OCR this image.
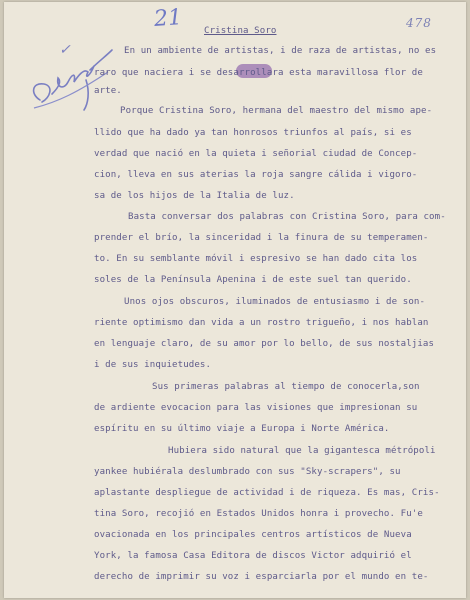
21	478
✓
Cristina Soro
En un ambiente de artistas, i de raza de artistas, no es
raro que naciera i se desarrollara esta maravillosa flor de
arte.
Porque Cristina Soro, hermana del maestro del mismo ape-
llido que ha dado ya tan honrosos triunfos al país, si es
verdad que nació en la quieta i señorial ciudad de Concep-
cion, lleva en sus aterias la roja sangre cálida i vigoro-
sa de los hijos de la Italia de luz.
Basta conversar dos palabras con Cristina Soro, para com-
prender el brío, la sinceridad i la finura de su temperamen-
to. En su semblante móvil i espresivo se han dado cita los
soles de la Península Apenina i de este suel tan querido.
Unos ojos obscuros, iluminados de entusiasmo i de son-
riente optimismo dan vida a un rostro trigueño, i nos hablan
en lenguaje claro, de su amor por lo bello, de sus nostaljias
i de sus inquietudes.
Sus primeras palabras al tiempo de conocerla,son
de ardiente evocacion para las visiones que impresionan su
espíritu en su último viaje a Europa i Norte América.
Hubiera sido natural que la gigantesca métrópoli
yankee hubiérala deslumbrado con sus "Sky-scrapers", su
aplastante despliegue de actividad i de riqueza. Es mas, Cris-
tina Soro, recojió en Estados Unidos honra i provecho. Fu'e
ovacionada en los principales centros artísticos de Nueva
York, la famosa Casa Editora de discos Victor adquirió el
derecho de imprimir su voz i esparciarla por el mundo en te-
